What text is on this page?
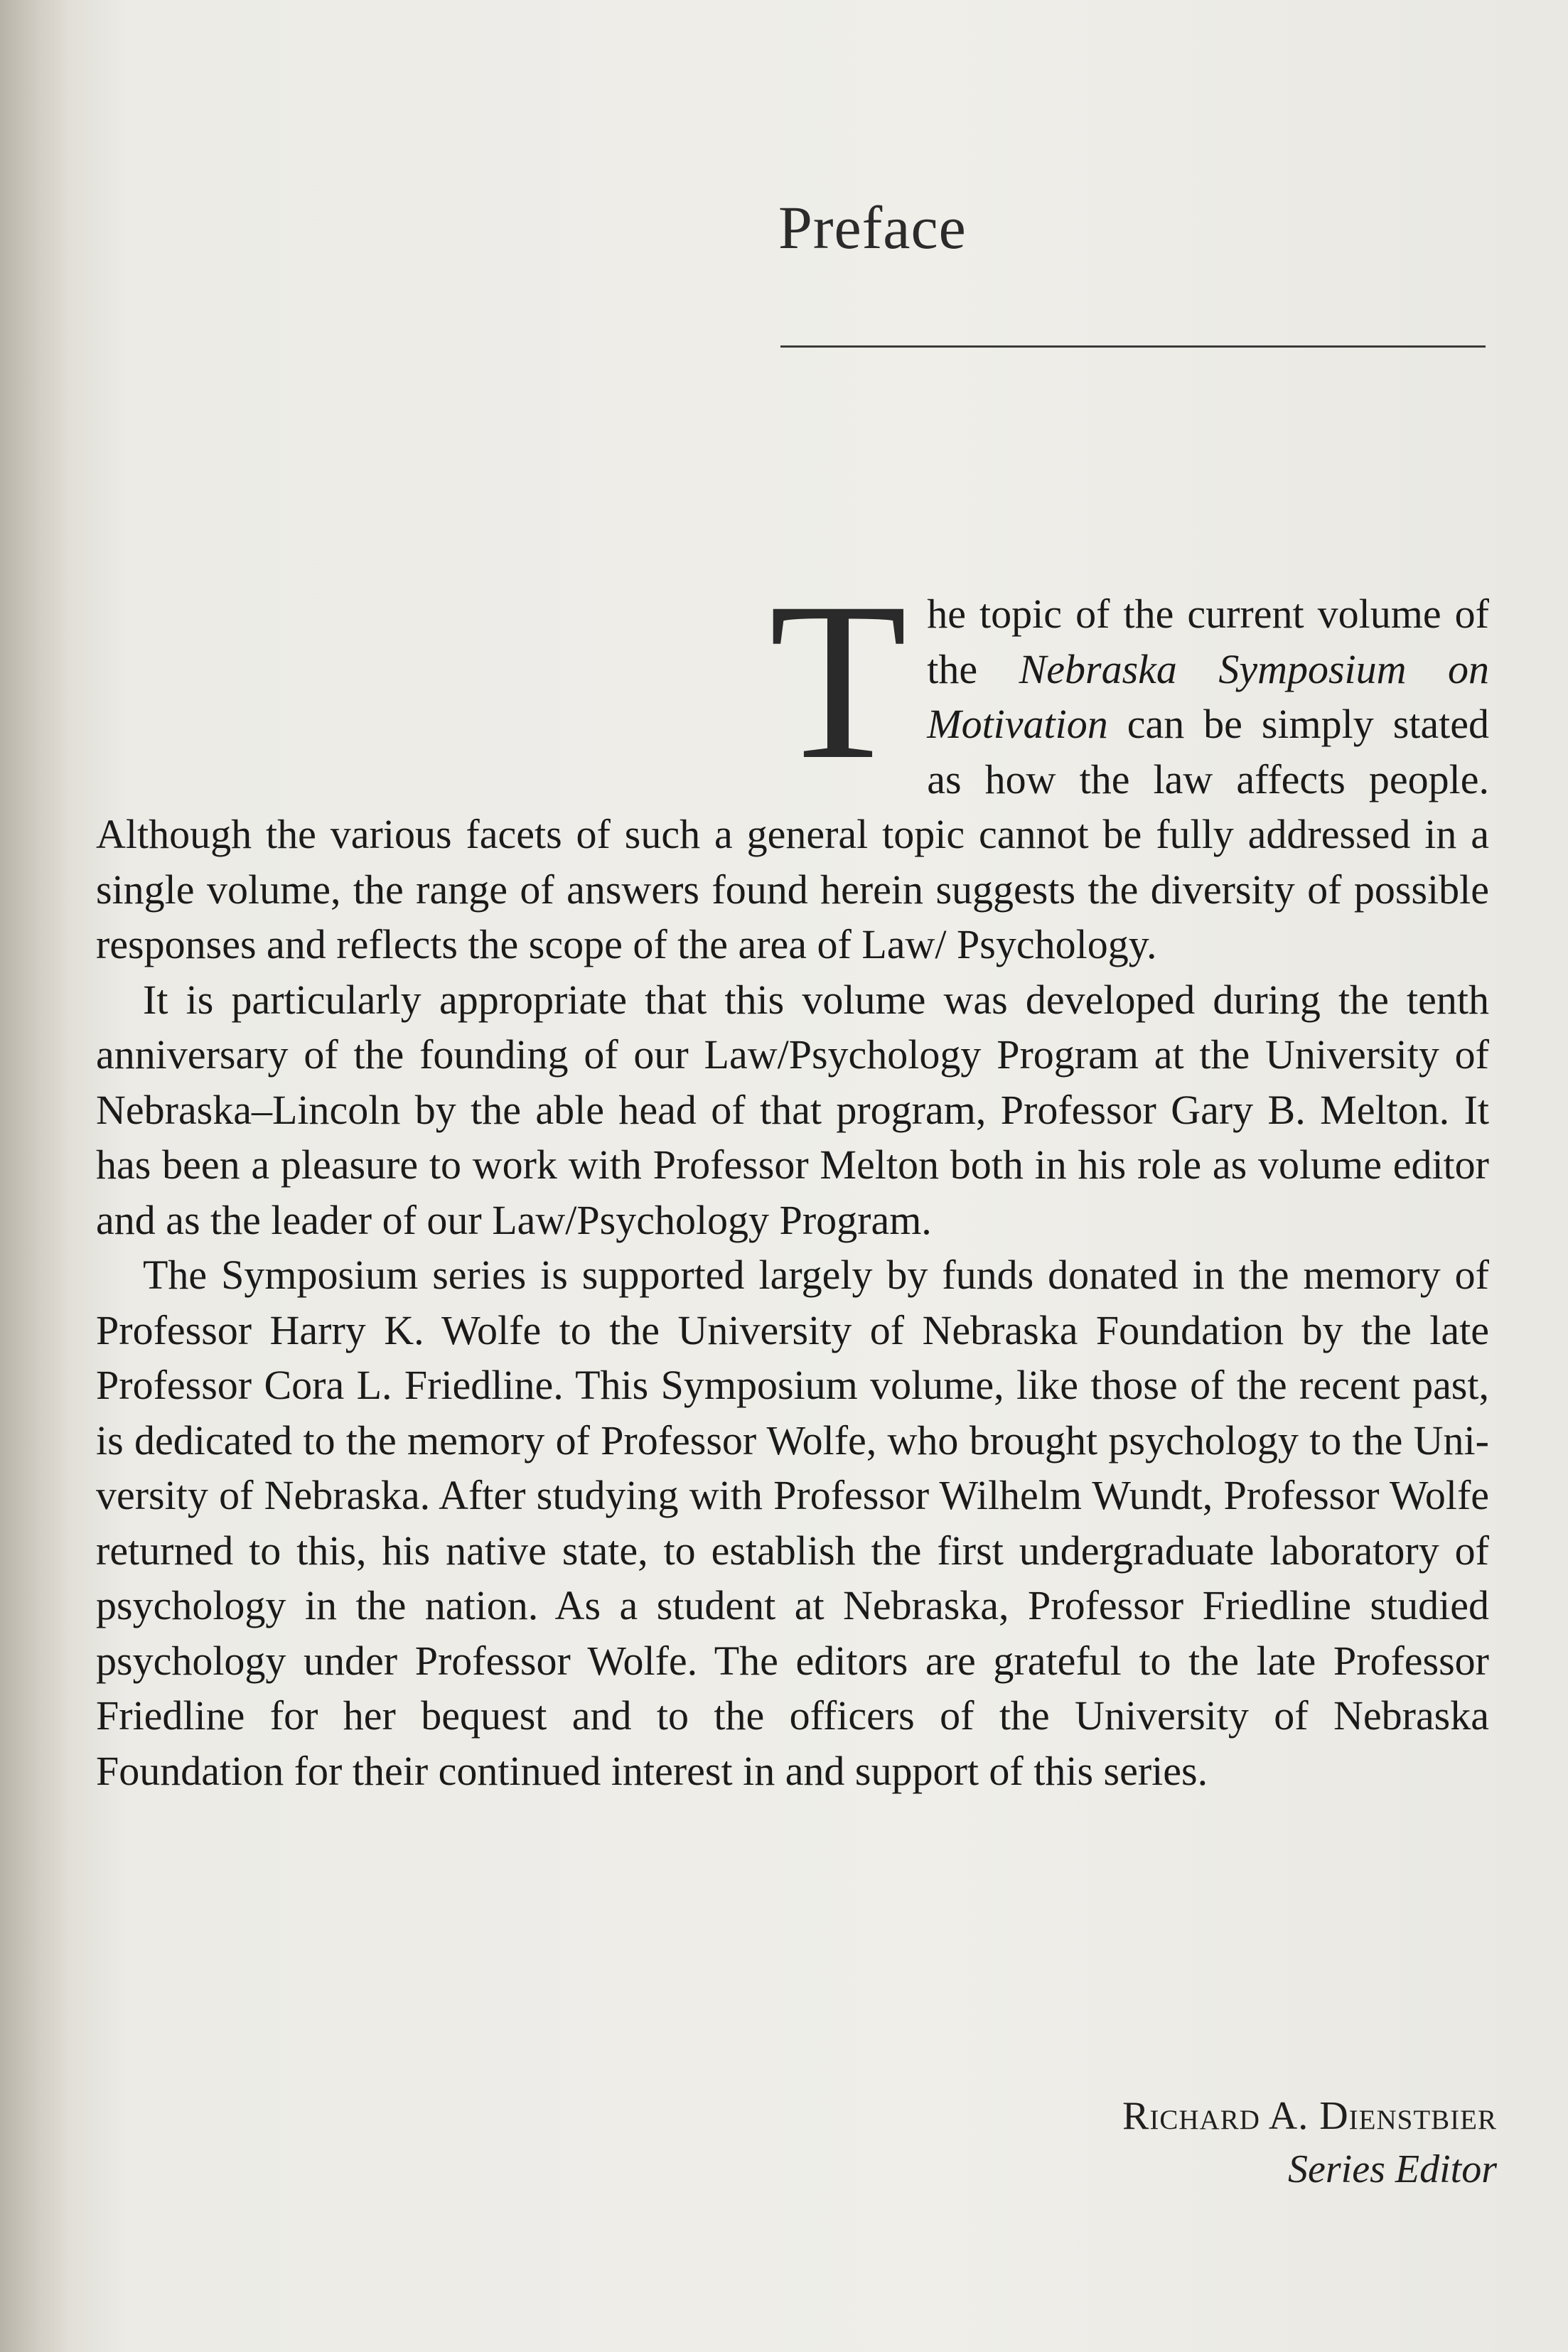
Preface

The topic of the current volume of the Nebraska Symposium on Motivation can be simply stated as how the law affects people. Although the various facets of such a general topic cannot be fully addressed in a single volume, the range of answers found herein suggests the diversity of possible responses and reflects the scope of the area of Law/ Psychology.

It is particularly appropriate that this volume was developed during the tenth anniversary of the founding of our Law/Psychology Program at the University of Nebraska–Lincoln by the able head of that program, Professor Gary B. Melton. It has been a pleasure to work with Professor Melton both in his role as volume editor and as the leader of our Law/Psychology Program.

The Symposium series is supported largely by funds donated in the memory of Professor Harry K. Wolfe to the University of Nebraska Foundation by the late Professor Cora L. Friedline. This Symposium volume, like those of the recent past, is dedicated to the memory of Professor Wolfe, who brought psychology to the University of Nebraska. After studying with Professor Wilhelm Wundt, Professor Wolfe returned to this, his native state, to establish the first undergraduate laboratory of psychology in the nation. As a student at Nebraska, Professor Friedline studied psychology under Professor Wolfe. The editors are grateful to the late Professor Friedline for her bequest and to the officers of the University of Nebraska Foundation for their continued interest in and support of this series.

Richard A. Dienstbier
Series Editor
